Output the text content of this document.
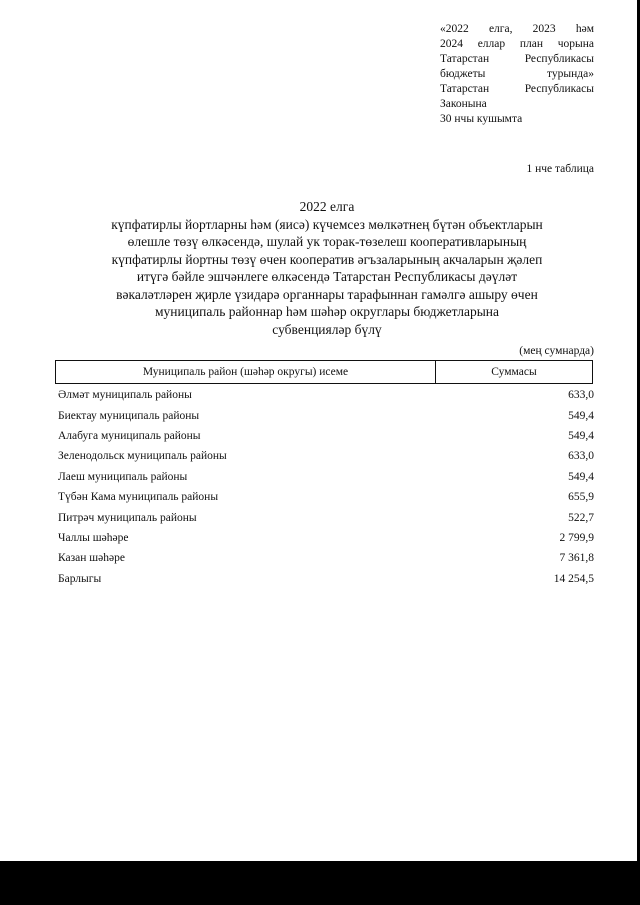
«2022 елга, 2023 һәм
2024 еллар план чорына
Татарстан	Республикасы
бюджеты	турында»
Татарстан	Республикасы
Законына
30 нчы кушымта
1 нче таблица
2022 елга
күпфатирлы йортларны һәм (яисә) күчемсез мөлкәтнең бүтән объектларын
өлешле төзү өлкәсендә, шулай ук торак-төзелеш кооперативларының
күпфатирлы йортны төзү өчен кооператив әгъзаларының акчаларын җәлеп
итүгә бәйле эшчәнлеге өлкәсендә Татарстан Республикасы дәүләт
вәкаләтләрен җирле үзидарә органнары тарафыннан гамәлгә ашыру өчен
муниципаль районнар һәм шәһәр округлары бюджетларына
субвенцияләр бүлү
(мең сумнарда)
Муниципаль район (шәһәр округы) исеме	Суммасы
Әлмәт муниципаль районы	633,0
Биектау муниципаль районы	549,4
Алабуга муниципаль районы	549,4
Зеленодольск муниципаль районы	633,0
Лаеш муниципаль районы	549,4
Түбән Кама муниципаль районы	655,9
Питрәч муниципаль районы	522,7
Чаллы шәһәре	2 799,9
Казан шәһәре	7 361,8
Барлыгы	14 254,5
